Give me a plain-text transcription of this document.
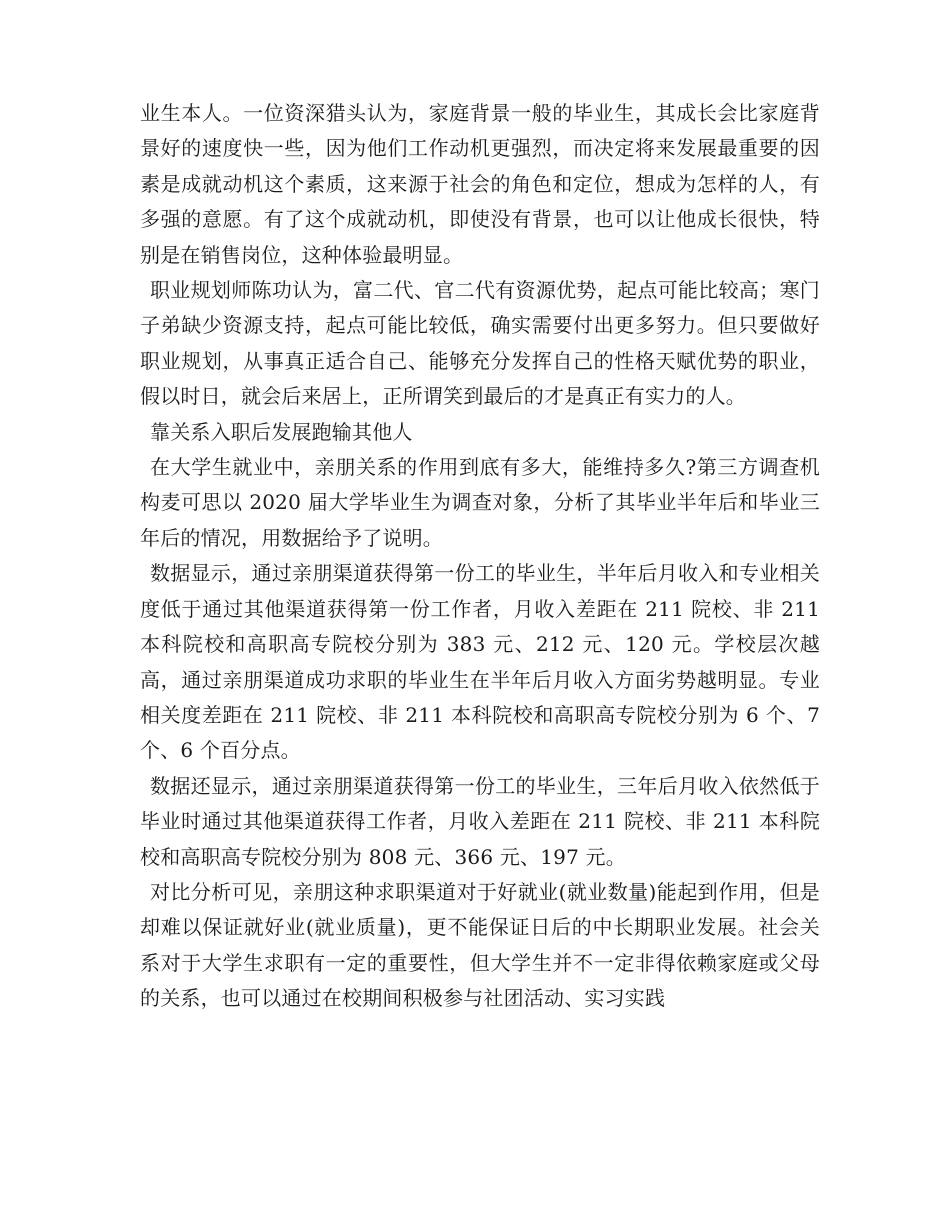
业生本人。一位资深猎头认为，家庭背景一般的毕业生，其成长会比家庭背景好的速度快一些，因为他们工作动机更强烈，而决定将来发展最重要的因素是成就动机这个素质，这来源于社会的角色和定位，想成为怎样的人，有多强的意愿。有了这个成就动机，即使没有背景，也可以让他成长很快，特别是在销售岗位，这种体验最明显。

职业规划师陈功认为，富二代、官二代有资源优势，起点可能比较高；寒门子弟缺少资源支持，起点可能比较低，确实需要付出更多努力。但只要做好职业规划，从事真正适合自己、能够充分发挥自己的性格天赋优势的职业，假以时日，就会后来居上，正所谓笑到最后的才是真正有实力的人。

靠关系入职后发展跑输其他人

在大学生就业中，亲朋关系的作用到底有多大，能维持多久?第三方调查机构麦可思以 2020 届大学毕业生为调查对象，分析了其毕业半年后和毕业三年后的情况，用数据给予了说明。

数据显示，通过亲朋渠道获得第一份工的毕业生，半年后月收入和专业相关度低于通过其他渠道获得第一份工作者，月收入差距在 211 院校、非 211 本科院校和高职高专院校分别为 383 元、212 元、120 元。学校层次越高，通过亲朋渠道成功求职的毕业生在半年后月收入方面劣势越明显。专业相关度差距在 211 院校、非 211 本科院校和高职高专院校分别为 6 个、7 个、6 个百分点。

数据还显示，通过亲朋渠道获得第一份工的毕业生，三年后月收入依然低于毕业时通过其他渠道获得工作者，月收入差距在 211 院校、非 211 本科院校和高职高专院校分别为 808 元、366 元、197 元。

对比分析可见，亲朋这种求职渠道对于好就业(就业数量)能起到作用，但是却难以保证就好业(就业质量)，更不能保证日后的中长期职业发展。社会关系对于大学生求职有一定的重要性，但大学生并不一定非得依赖家庭或父母的关系，也可以通过在校期间积极参与社团活动、实习实践
